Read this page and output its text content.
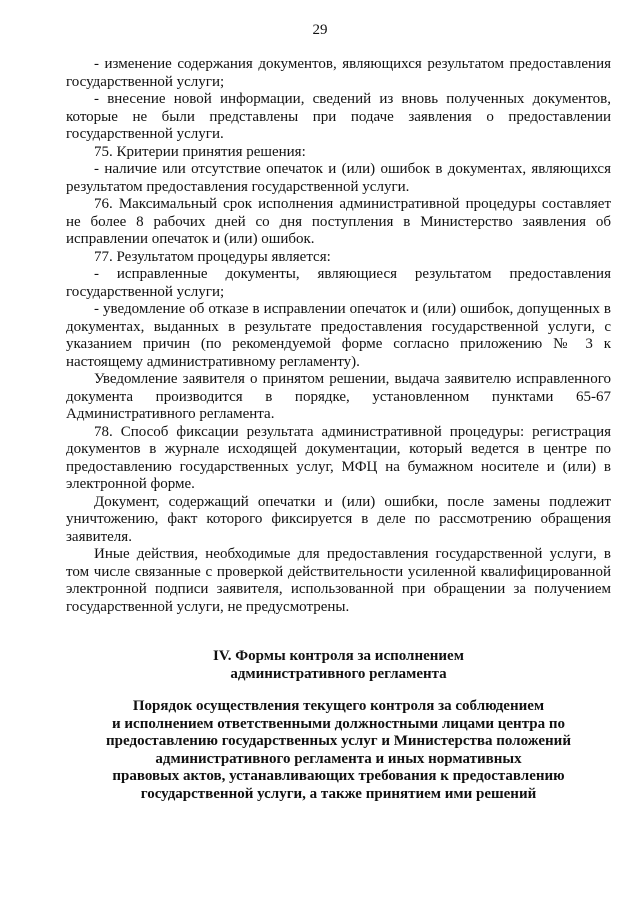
29

- изменение содержания документов, являющихся результатом предоставления государственной услуги;

- внесение новой информации, сведений из вновь полученных документов, которые не были представлены при подаче заявления о предоставлении государственной услуги.

75. Критерии принятия решения:

- наличие или отсутствие опечаток и (или) ошибок в документах, являющихся результатом предоставления государственной услуги.

76. Максимальный срок исполнения административной процедуры составляет не более 8 рабочих дней со дня поступления в Министерство заявления об исправлении опечаток и (или) ошибок.

77. Результатом процедуры является:

- исправленные документы, являющиеся результатом предоставления государственной услуги;

- уведомление об отказе в исправлении опечаток и (или) ошибок, допущенных в документах, выданных в результате предоставления государственной услуги, с указанием причин (по рекомендуемой форме согласно приложению № 3 к настоящему административному регламенту).

Уведомление заявителя о принятом решении, выдача заявителю исправленного документа производится в порядке, установленном пунктами 65-67 Административного регламента.

78. Способ фиксации результата административной процедуры: регистрация документов в журнале исходящей документации, который ведется в центре по предоставлению государственных услуг, МФЦ на бумажном носителе и (или) в электронной форме.

Документ, содержащий опечатки и (или) ошибки, после замены подлежит уничтожению, факт которого фиксируется в деле по рассмотрению обращения заявителя.

Иные действия, необходимые для предоставления государственной услуги, в том числе связанные с проверкой действительности усиленной квалифицированной электронной подписи заявителя, использованной при обращении за получением государственной услуги, не предусмотрены.

IV. Формы контроля за исполнением

административного регламента

Порядок осуществления текущего контроля за соблюдением

и исполнением ответственными должностными лицами центра по

предоставлению государственных услуг и Министерства положений

административного регламента и иных нормативных

правовых актов, устанавливающих требования к предоставлению

государственной услуги, а также принятием ими решений
